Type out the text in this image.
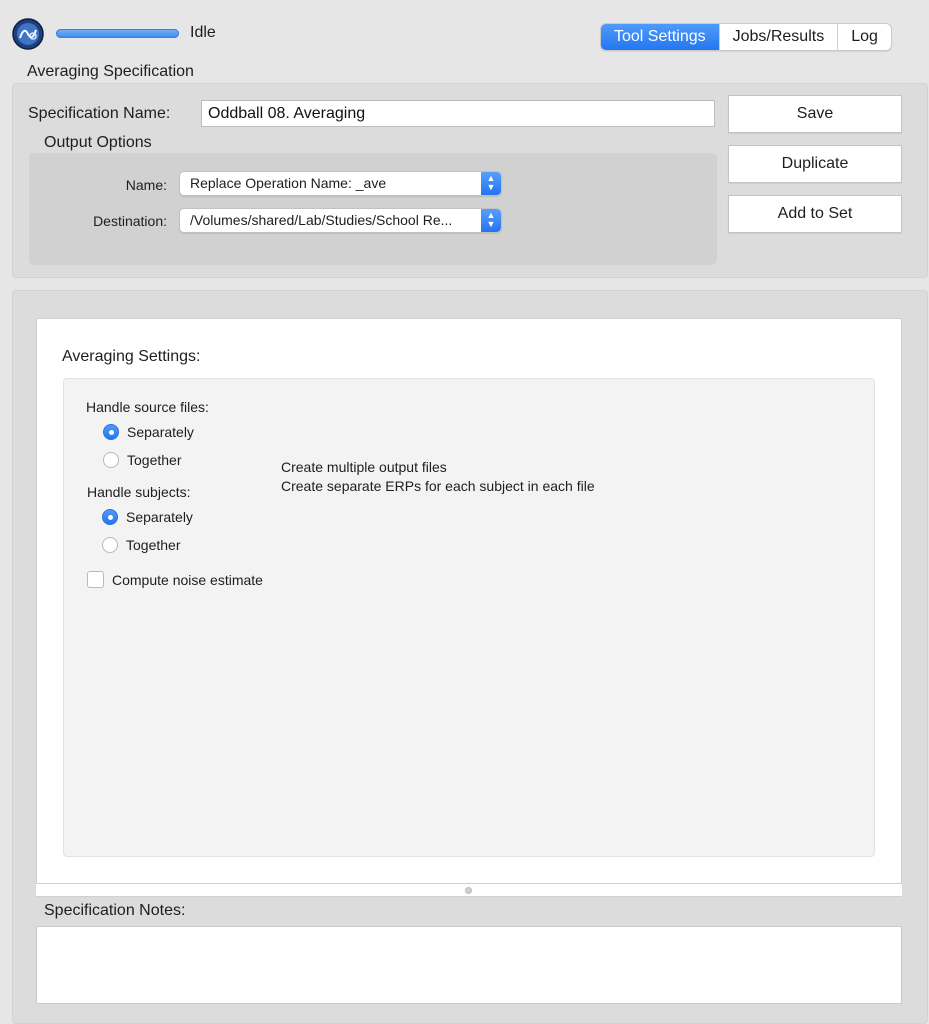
Idle	Tool Settings	Jobs/Results	Log
Averaging Specification
Specification Name:	Oddball 08. Averaging
Output Options
Name:	Replace Operation Name: _ave	▲
▼
Destination:	/Volumes/shared/Lab/Studies/School Re...	▲
▼
Save
Duplicate
Add to Set
Averaging Settings:
Handle source files:
Separately
Together	Create multiple output files
Create separate ERPs for each subject in each file
Handle subjects:
Separately
Together
Compute noise estimate
Specification Notes:
